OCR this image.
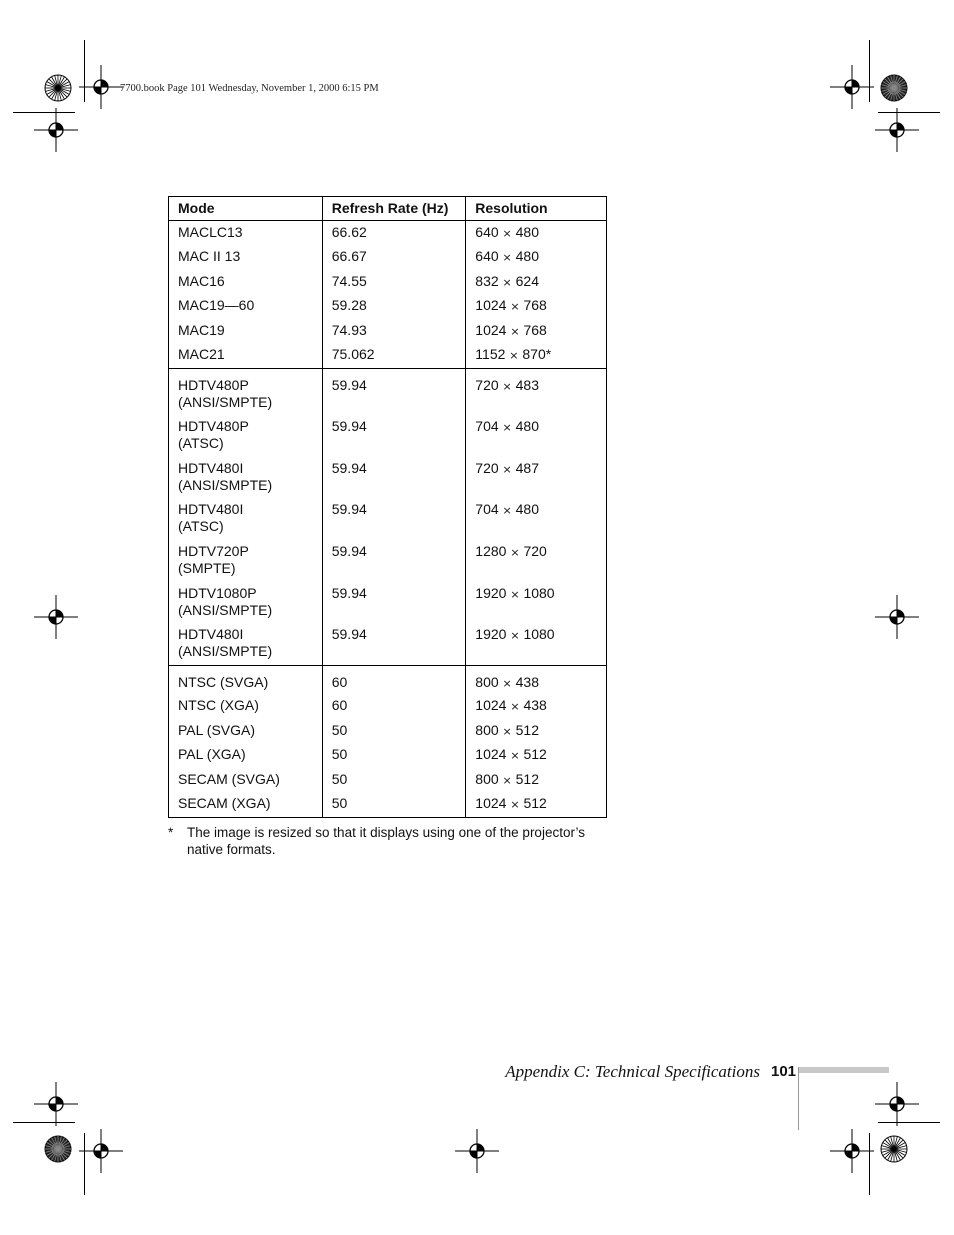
7700.book Page 101 Wednesday, November 1, 2000 6:15 PM
Mode	Refresh Rate (Hz)	Resolution
MACLC13	66.62	640 × 480
MAC II 13	66.67	640 × 480
MAC16	74.55	832 × 624
MAC19—60	59.28	1024 × 768
MAC19	74.93	1024 × 768
MAC21	75.062	1152 × 870*
HDTV480P
(ANSI/SMPTE)	59.94	720 × 483
HDTV480P
(ATSC)	59.94	704 × 480
HDTV480I
(ANSI/SMPTE)	59.94	720 × 487
HDTV480I
(ATSC)	59.94	704 × 480
HDTV720P
(SMPTE)	59.94	1280 × 720
HDTV1080P
(ANSI/SMPTE)	59.94	1920 × 1080
HDTV480I
(ANSI/SMPTE)	59.94	1920 × 1080
NTSC (SVGA)	60	800 × 438
NTSC (XGA)	60	1024 × 438
PAL (SVGA)	50	800 × 512
PAL (XGA)	50	1024 × 512
SECAM (SVGA)	50	800 × 512
SECAM (XGA)	50	1024 × 512
* The image is resized so that it displays using one of the projector’s native formats.
Appendix C: Technical Specifications 101
